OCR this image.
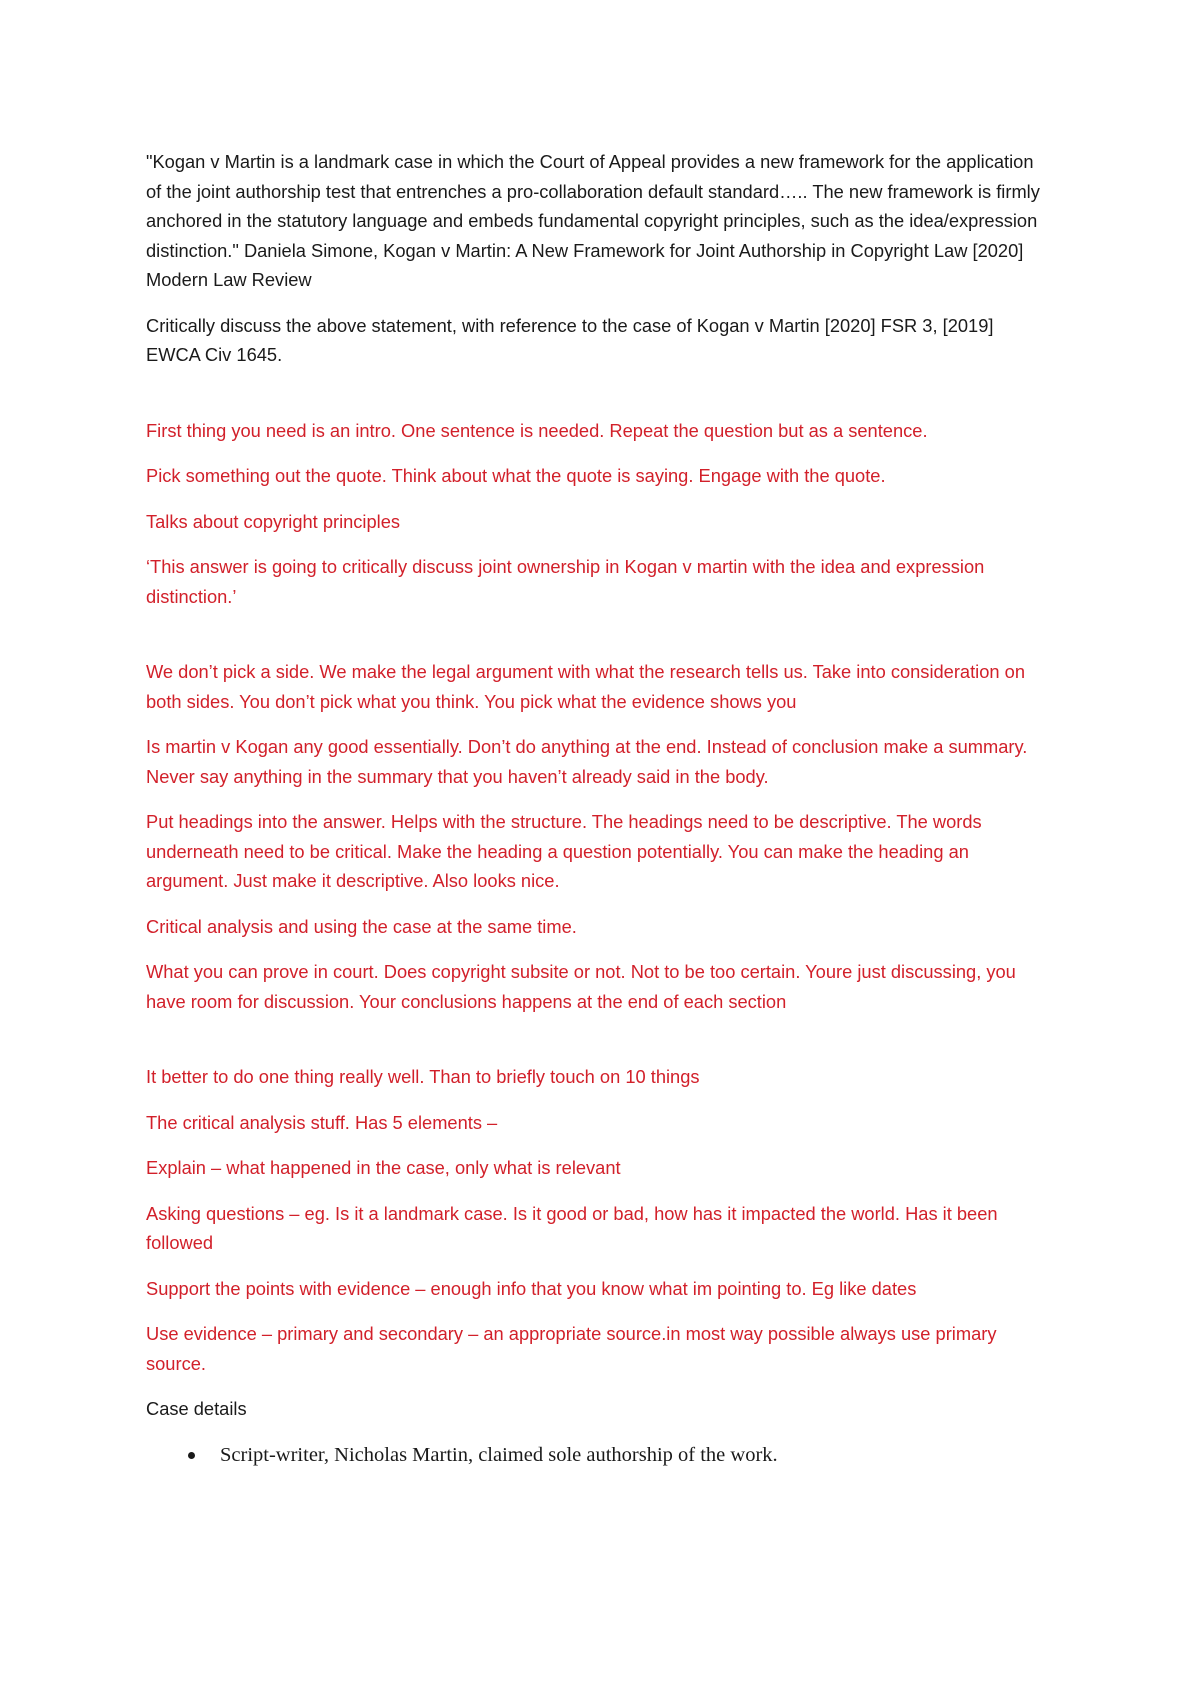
"Kogan v Martin is a landmark case in which the Court of Appeal provides a new framework for the application of the joint authorship test that entrenches a pro-collaboration default standard….. The new framework is firmly anchored in the statutory language and embeds fundamental copyright principles, such as the idea/expression distinction." Daniela Simone, Kogan v Martin: A New Framework for Joint Authorship in Copyright Law [2020] Modern Law Review

Critically discuss the above statement, with reference to the case of Kogan v Martin [2020] FSR 3, [2019] EWCA Civ 1645.

First thing you need is an intro. One sentence is needed. Repeat the question but as a sentence.

Pick something out the quote. Think about what the quote is saying. Engage with the quote.

Talks about copyright principles

‘This answer is going to critically discuss joint ownership in Kogan v martin with the idea and expression distinction.’

We don’t pick a side. We make the legal argument with what the research tells us. Take into consideration on both sides. You don’t pick what you think. You pick what the evidence shows you

Is martin v Kogan any good essentially. Don’t do anything at the end. Instead of conclusion make a summary. Never say anything in the summary that you haven’t already said in the body.

Put headings into the answer. Helps with the structure. The headings need to be descriptive. The words underneath need to be critical. Make the heading a question potentially. You can make the heading an argument. Just make it descriptive. Also looks nice.

Critical analysis and using the case at the same time.

What you can prove in court. Does copyright subsite or not. Not to be too certain. Youre just discussing, you have room for discussion. Your conclusions happens at the end of each section

It better to do one thing really well. Than to briefly touch on 10 things

The critical analysis stuff. Has 5 elements –

Explain – what happened in the case, only what is relevant

Asking questions – eg. Is it a landmark case. Is it good or bad, how has it impacted the world. Has it been followed

Support the points with evidence – enough info that you know what im pointing to. Eg like dates

Use evidence – primary and secondary – an appropriate source.in most way possible always use primary source.

Case details

Script-writer, Nicholas Martin, claimed sole authorship of the work.
